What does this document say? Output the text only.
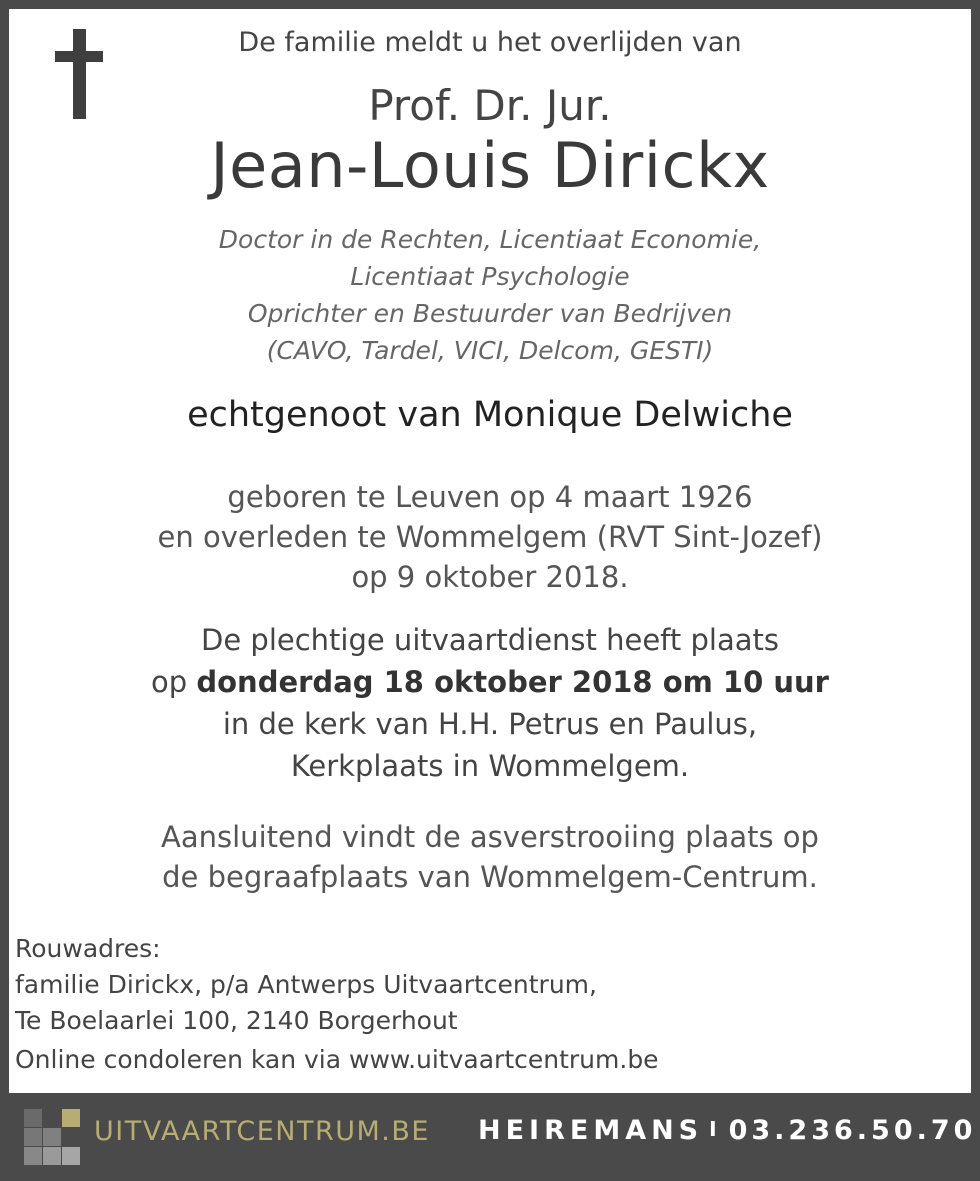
De familie meldt u het overlijden van
Prof. Dr. Jur.
Jean-Louis Dirickx
Doctor in de Rechten, Licentiaat Economie,
Licentiaat Psychologie
Oprichter en Bestuurder van Bedrijven
(CAVO, Tardel, VICI, Delcom, GESTI)
echtgenoot van Monique Delwiche
geboren te Leuven op 4 maart 1926
en overleden te Wommelgem (RVT Sint-Jozef)
op 9 oktober 2018.
De plechtige uitvaartdienst heeft plaats
op donderdag 18 oktober 2018 om 10 uur
in de kerk van H.H. Petrus en Paulus,
Kerkplaats in Wommelgem.
Aansluitend vindt de asverstrooiing plaats op
de begraafplaats van Wommelgem-Centrum.
Rouwadres:
familie Dirickx, p/a Antwerps Uitvaartcentrum,
Te Boelaarlei 100, 2140 Borgerhout
Online condoleren kan via www.uitvaartcentrum.be
UITVAARTCENTRUM.BE HEIREMANS I 03.236.50.70
